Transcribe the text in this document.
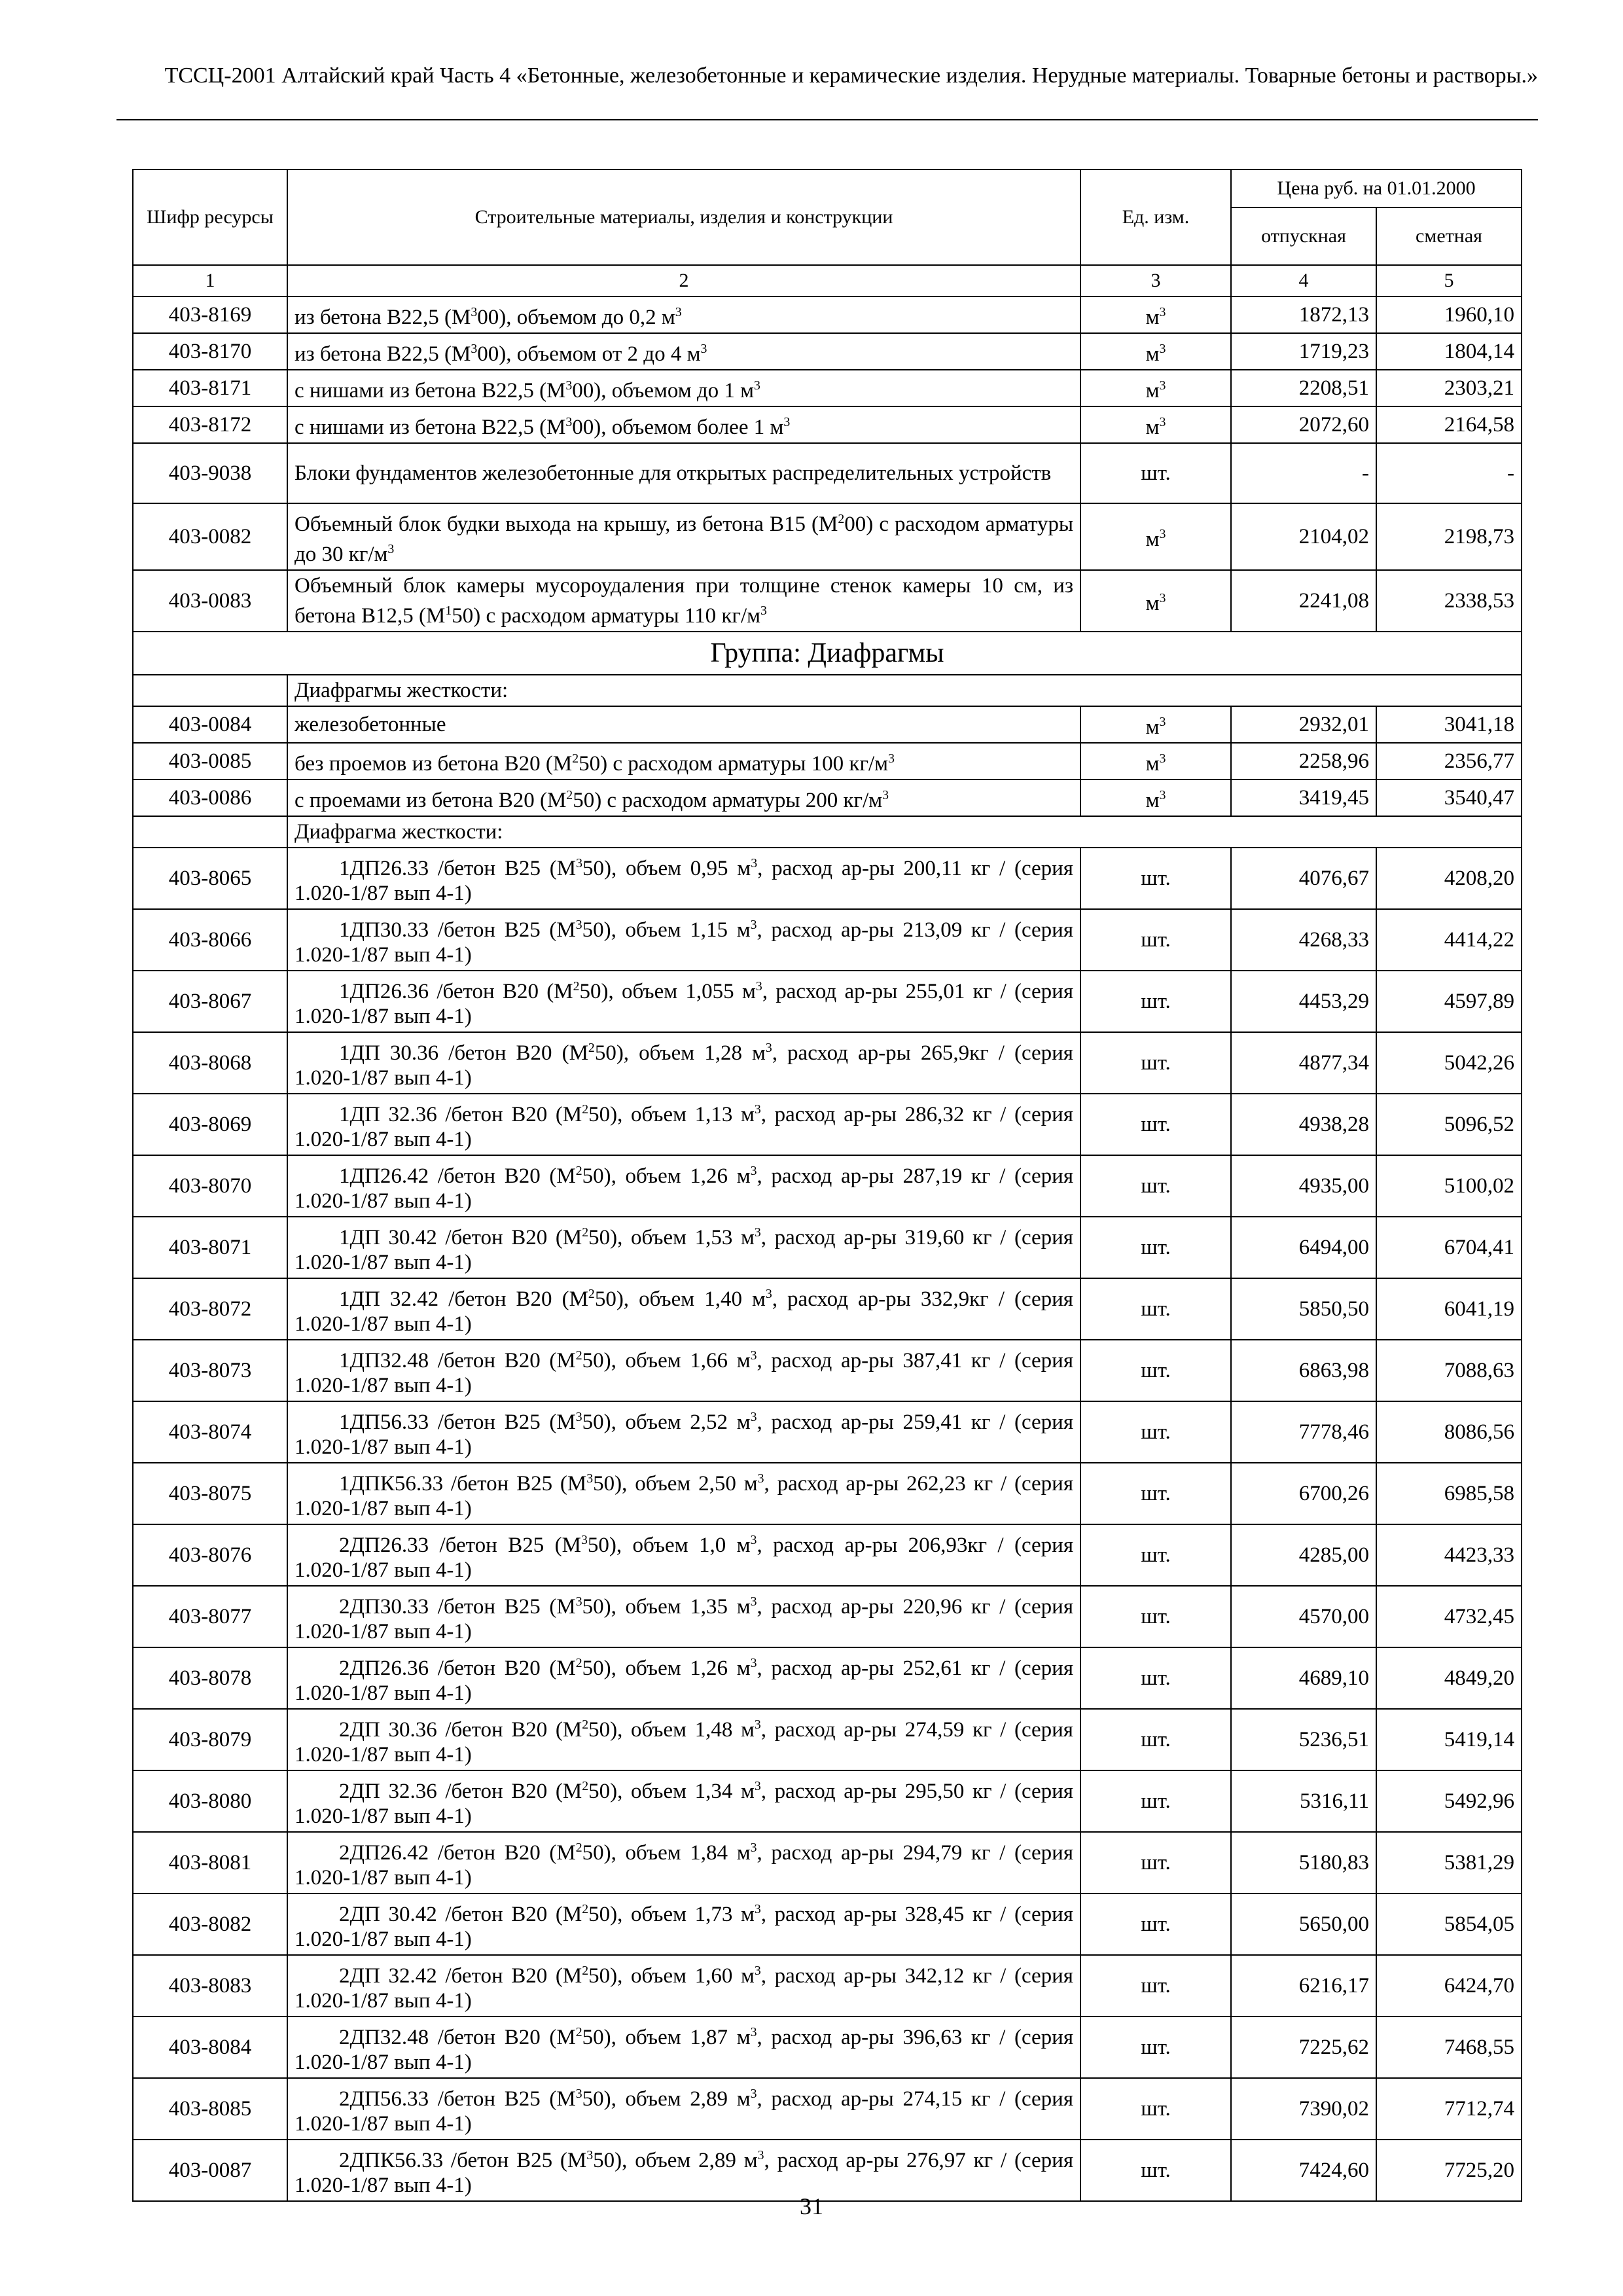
ТССЦ-2001 Алтайский край Часть 4 «Бетонные, железобетонные и керамические изделия. Нерудные материалы. Товарные бетоны и растворы.»
Шифр ресурсы	Строительные материалы, изделия и конструкции	Ед. изм.	Цена руб. на 01.01.2000	
			отпускная	сметная
1	2	3	4	5
403-8169	из бетона В22,5 $(М^300)$, объемом до 0,2 $м^3$	$м^3$	1872,13	1960,10
403-8170	из бетона В22,5 $(М^300)$, объемом от 2 до 4 $м^3$	$м^3$	1719,23	1804,14
403-8171	с нишами из бетона В22,5 $(М^300)$, объемом до 1 $м^3$	$м^3$	2208,51	2303,21
403-8172	с нишами из бетона В22,5 $(М^300)$, объемом более 1 $м^3$	$м^3$	2072,60	2164,58
403-9038	Блоки фундаментов железобетонные для открытых распределительных устройств	шт.	-	-
403-0082	Объемный блок будки выхода на крышу, из бетона В15 $(М^200)$ с расходом арматуры до 30 $кг/м^3$	$м^3$	2104,02	2198,73
403-0083	Объемный блок камеры мусороудаления при толщине стенок камеры 10 см, из бетона В12,5 $(М^150)$ с расходом арматуры 110 $кг/м^3$	$м^3$	2241,08	2338,53
Группа: Диафрагмы				
	Диафрагмы жесткости:			
403-0084	железобетонные	$м^3$	2932,01	3041,18
403-0085	без проемов из бетона В20 $(М^250)$ с расходом арматуры 100 $кг/м^3$	$м^3$	2258,96	2356,77
403-0086	с проемами из бетона В20 $(М^250)$ с расходом арматуры 200 $кг/м^3$	$м^3$	3419,45	3540,47
	Диафрагма жесткости:			
403-8065	1ДП26.33 /бетон В25 $(М^350)$, объем 0,95 $м^3$, расход ар-ры 200,11 кг / (серия 1.020-1/87 вып 4-1)	шт.	4076,67	4208,20
403-8066	1ДП30.33 /бетон В25 $(М^350)$, объем 1,15 $м^3$, расход ар-ры 213,09 кг / (серия 1.020-1/87 вып 4-1)	шт.	4268,33	4414,22
403-8067	1ДП26.36 /бетон В20 $(М^250)$, объем 1,055 $м^3$, расход ар-ры 255,01 кг / (серия 1.020-1/87 вып 4-1)	шт.	4453,29	4597,89
403-8068	1ДП 30.36 /бетон В20 $(М^250)$, объем 1,28 $м^3$, расход ар-ры 265,9кг / (серия 1.020-1/87 вып 4-1)	шт.	4877,34	5042,26
403-8069	1ДП 32.36 /бетон В20 $(М^250)$, объем 1,13 $м^3$, расход ар-ры 286,32 кг / (серия 1.020-1/87 вып 4-1)	шт.	4938,28	5096,52
403-8070	1ДП26.42 /бетон В20 $(М^250)$, объем 1,26 $м^3$, расход ар-ры 287,19 кг / (серия 1.020-1/87 вып 4-1)	шт.	4935,00	5100,02
403-8071	1ДП 30.42 /бетон В20 $(М^250)$, объем 1,53 $м^3$, расход ар-ры 319,60 кг / (серия 1.020-1/87 вып 4-1)	шт.	6494,00	6704,41
403-8072	1ДП 32.42 /бетон В20 $(М^250)$, объем 1,40 $м^3$, расход ар-ры 332,9кг / (серия 1.020-1/87 вып 4-1)	шт.	5850,50	6041,19
403-8073	1ДП32.48 /бетон В20 $(М^250)$, объем 1,66 $м^3$, расход ар-ры 387,41 кг / (серия 1.020-1/87 вып 4-1)	шт.	6863,98	7088,63
403-8074	1ДП56.33 /бетон В25 $(М^350)$, объем 2,52 $м^3$, расход ар-ры 259,41 кг / (серия 1.020-1/87 вып 4-1)	шт.	7778,46	8086,56
403-8075	1ДПК56.33 /бетон В25 $(М^350)$, объем 2,50 $м^3$, расход ар-ры 262,23 кг / (серия 1.020-1/87 вып 4-1)	шт.	6700,26	6985,58
403-8076	2ДП26.33 /бетон В25 $(М^350)$, объем 1,0 $м^3$, расход ар-ры 206,93кг / (серия 1.020-1/87 вып 4-1)	шт.	4285,00	4423,33
403-8077	2ДП30.33 /бетон В25 $(М^350)$, объем 1,35 $м^3$, расход ар-ры 220,96 кг / (серия 1.020-1/87 вып 4-1)	шт.	4570,00	4732,45
403-8078	2ДП26.36 /бетон В20 $(М^250)$, объем 1,26 $м^3$, расход ар-ры 252,61 кг / (серия 1.020-1/87 вып 4-1)	шт.	4689,10	4849,20
403-8079	2ДП 30.36 /бетон В20 $(М^250)$, объем 1,48 $м^3$, расход ар-ры 274,59 кг / (серия 1.020-1/87 вып 4-1)	шт.	5236,51	5419,14
403-8080	2ДП 32.36 /бетон В20 $(М^250)$, объем 1,34 $м^3$, расход ар-ры 295,50 кг / (серия 1.020-1/87 вып 4-1)	шт.	5316,11	5492,96
403-8081	2ДП26.42 /бетон В20 $(М^250)$, объем 1,84 $м^3$, расход ар-ры 294,79 кг / (серия 1.020-1/87 вып 4-1)	шт.	5180,83	5381,29
403-8082	2ДП 30.42 /бетон В20 $(М^250)$, объем 1,73 $м^3$, расход ар-ры 328,45 кг / (серия 1.020-1/87 вып 4-1)	шт.	5650,00	5854,05
403-8083	2ДП 32.42 /бетон В20 $(М^250)$, объем 1,60 $м^3$, расход ар-ры 342,12 кг / (серия 1.020-1/87 вып 4-1)	шт.	6216,17	6424,70
403-8084	2ДП32.48 /бетон В20 $(М^250)$, объем 1,87 $м^3$, расход ар-ры 396,63 кг / (серия 1.020-1/87 вып 4-1)	шт.	7225,62	7468,55
403-8085	2ДП56.33 /бетон В25 $(М^350)$, объем 2,89 $м^3$, расход ар-ры 274,15 кг / (серия 1.020-1/87 вып 4-1)	шт.	7390,02	7712,74
403-0087	2ДПК56.33 /бетон В25 $(М^350)$, объем 2,89 $м^3$, расход ар-ры 276,97 кг / (серия 1.020-1/87 вып 4-1)	шт.	7424,60	7725,20
31
